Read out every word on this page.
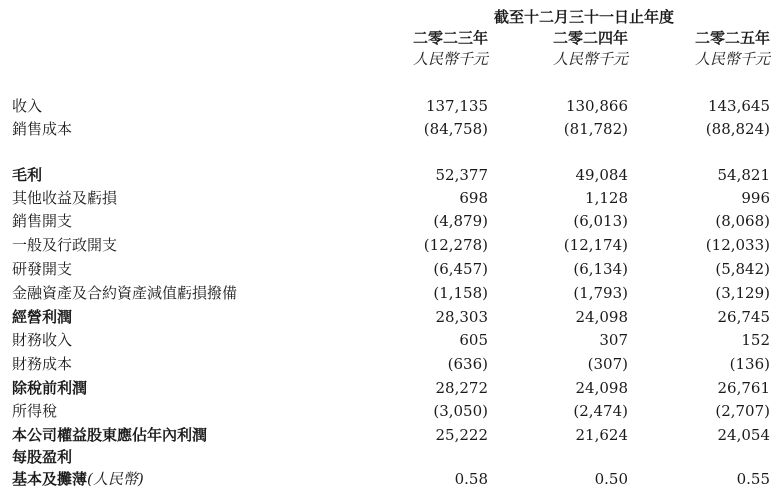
截至十二月三十一日止年度
二零二三年	二零二四年	二零二五年
人民幣千元	人民幣千元	人民幣千元
收入	137,135	130,866	143,645
銷售成本	(84,758)	(81,782)	(88,824)
毛利	52,377	49,084	54,821
其他收益及虧損	698	1,128	996
銷售開支	(4,879)	(6,013)	(8,068)
一般及行政開支	(12,278)	(12,174)	(12,033)
研發開支	(6,457)	(6,134)	(5,842)
金融資產及合約資產減值虧損撥備	(1,158)	(1,793)	(3,129)
經營利潤	28,303	24,098	26,745
財務收入	605	307	152
財務成本	(636)	(307)	(136)
除稅前利潤	28,272	24,098	26,761
所得稅	(3,050)	(2,474)	(2,707)
本公司權益股東應佔年內利潤	25,222	21,624	24,054
每股盈利
基本及攤薄(人民幣)	0.58	0.50	0.55
